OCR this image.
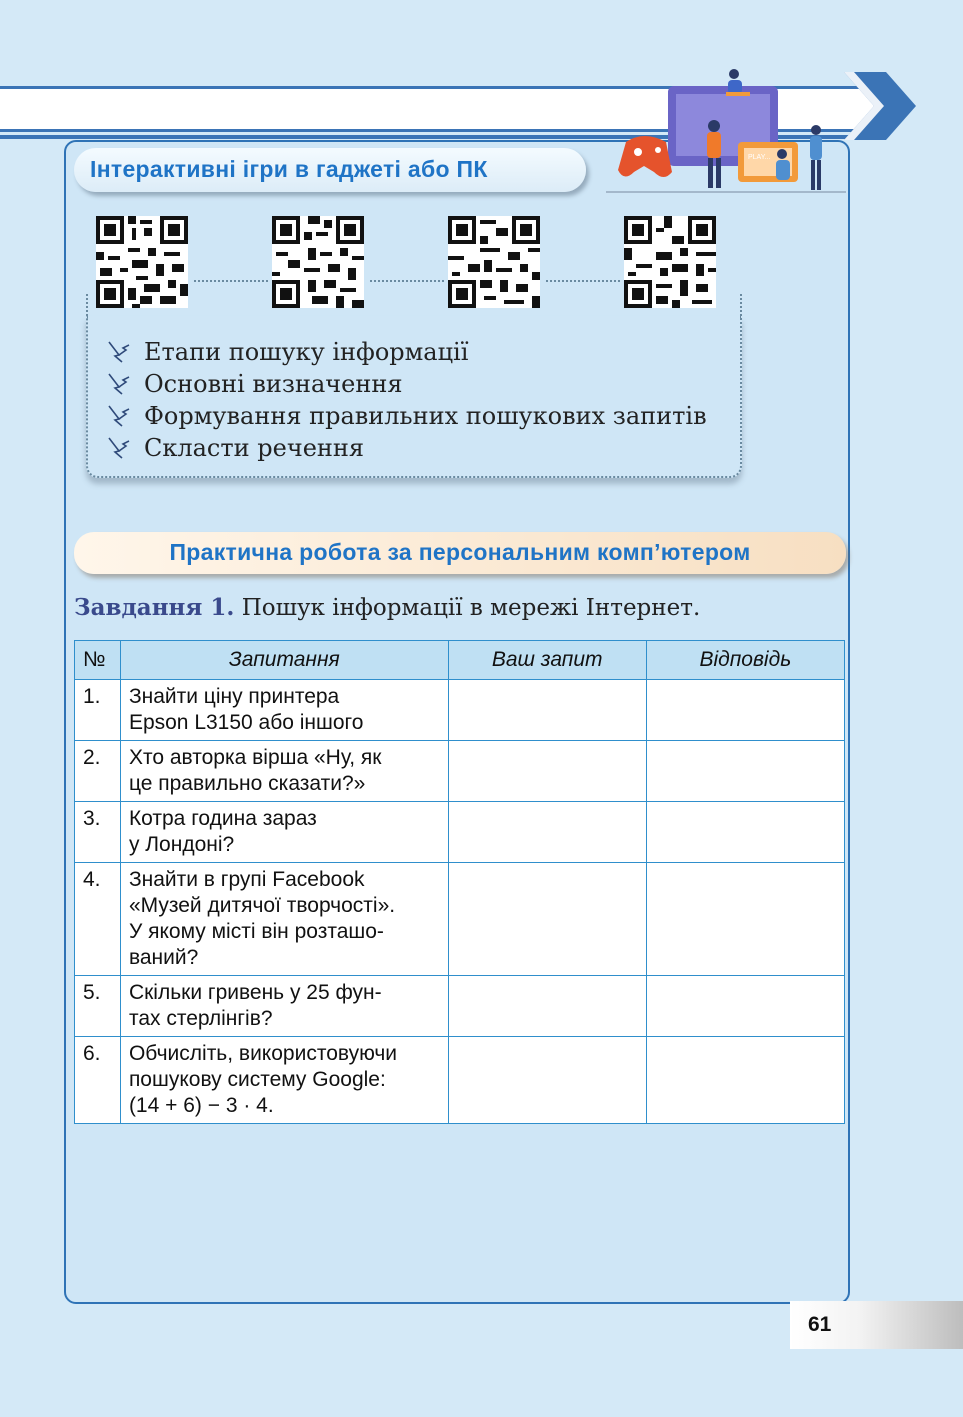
PLAY...
Інтерактивні ігри в гаджеті або ПК
Етапи пошуку інформації
Основні визначення
Формування правильних пошукових запитів
Скласти речення
Практична робота за персональним комп’ютером
Завдання 1. Пошук інформації в мережі Інтернет.
№	Запитання	Ваш запит	Відповідь
1.	Знайти ціну принтера
Epson L3150 або іншого		

2.	Хто авторка вірша «Ну, як
це правильно сказати?»		

3.	Котра година зараз
у Лондоні?		

4.	Знайти в групі Facebook
«Музей дитячої творчості».
У якому місті він розташо-
ваний?		

5.	Скільки гривень у 25 фун-
тах стерлінгів?		

6.	Обчисліть, використовуючи
пошукову систему Google:
(14 + 6) − 3 · 4.		

61
